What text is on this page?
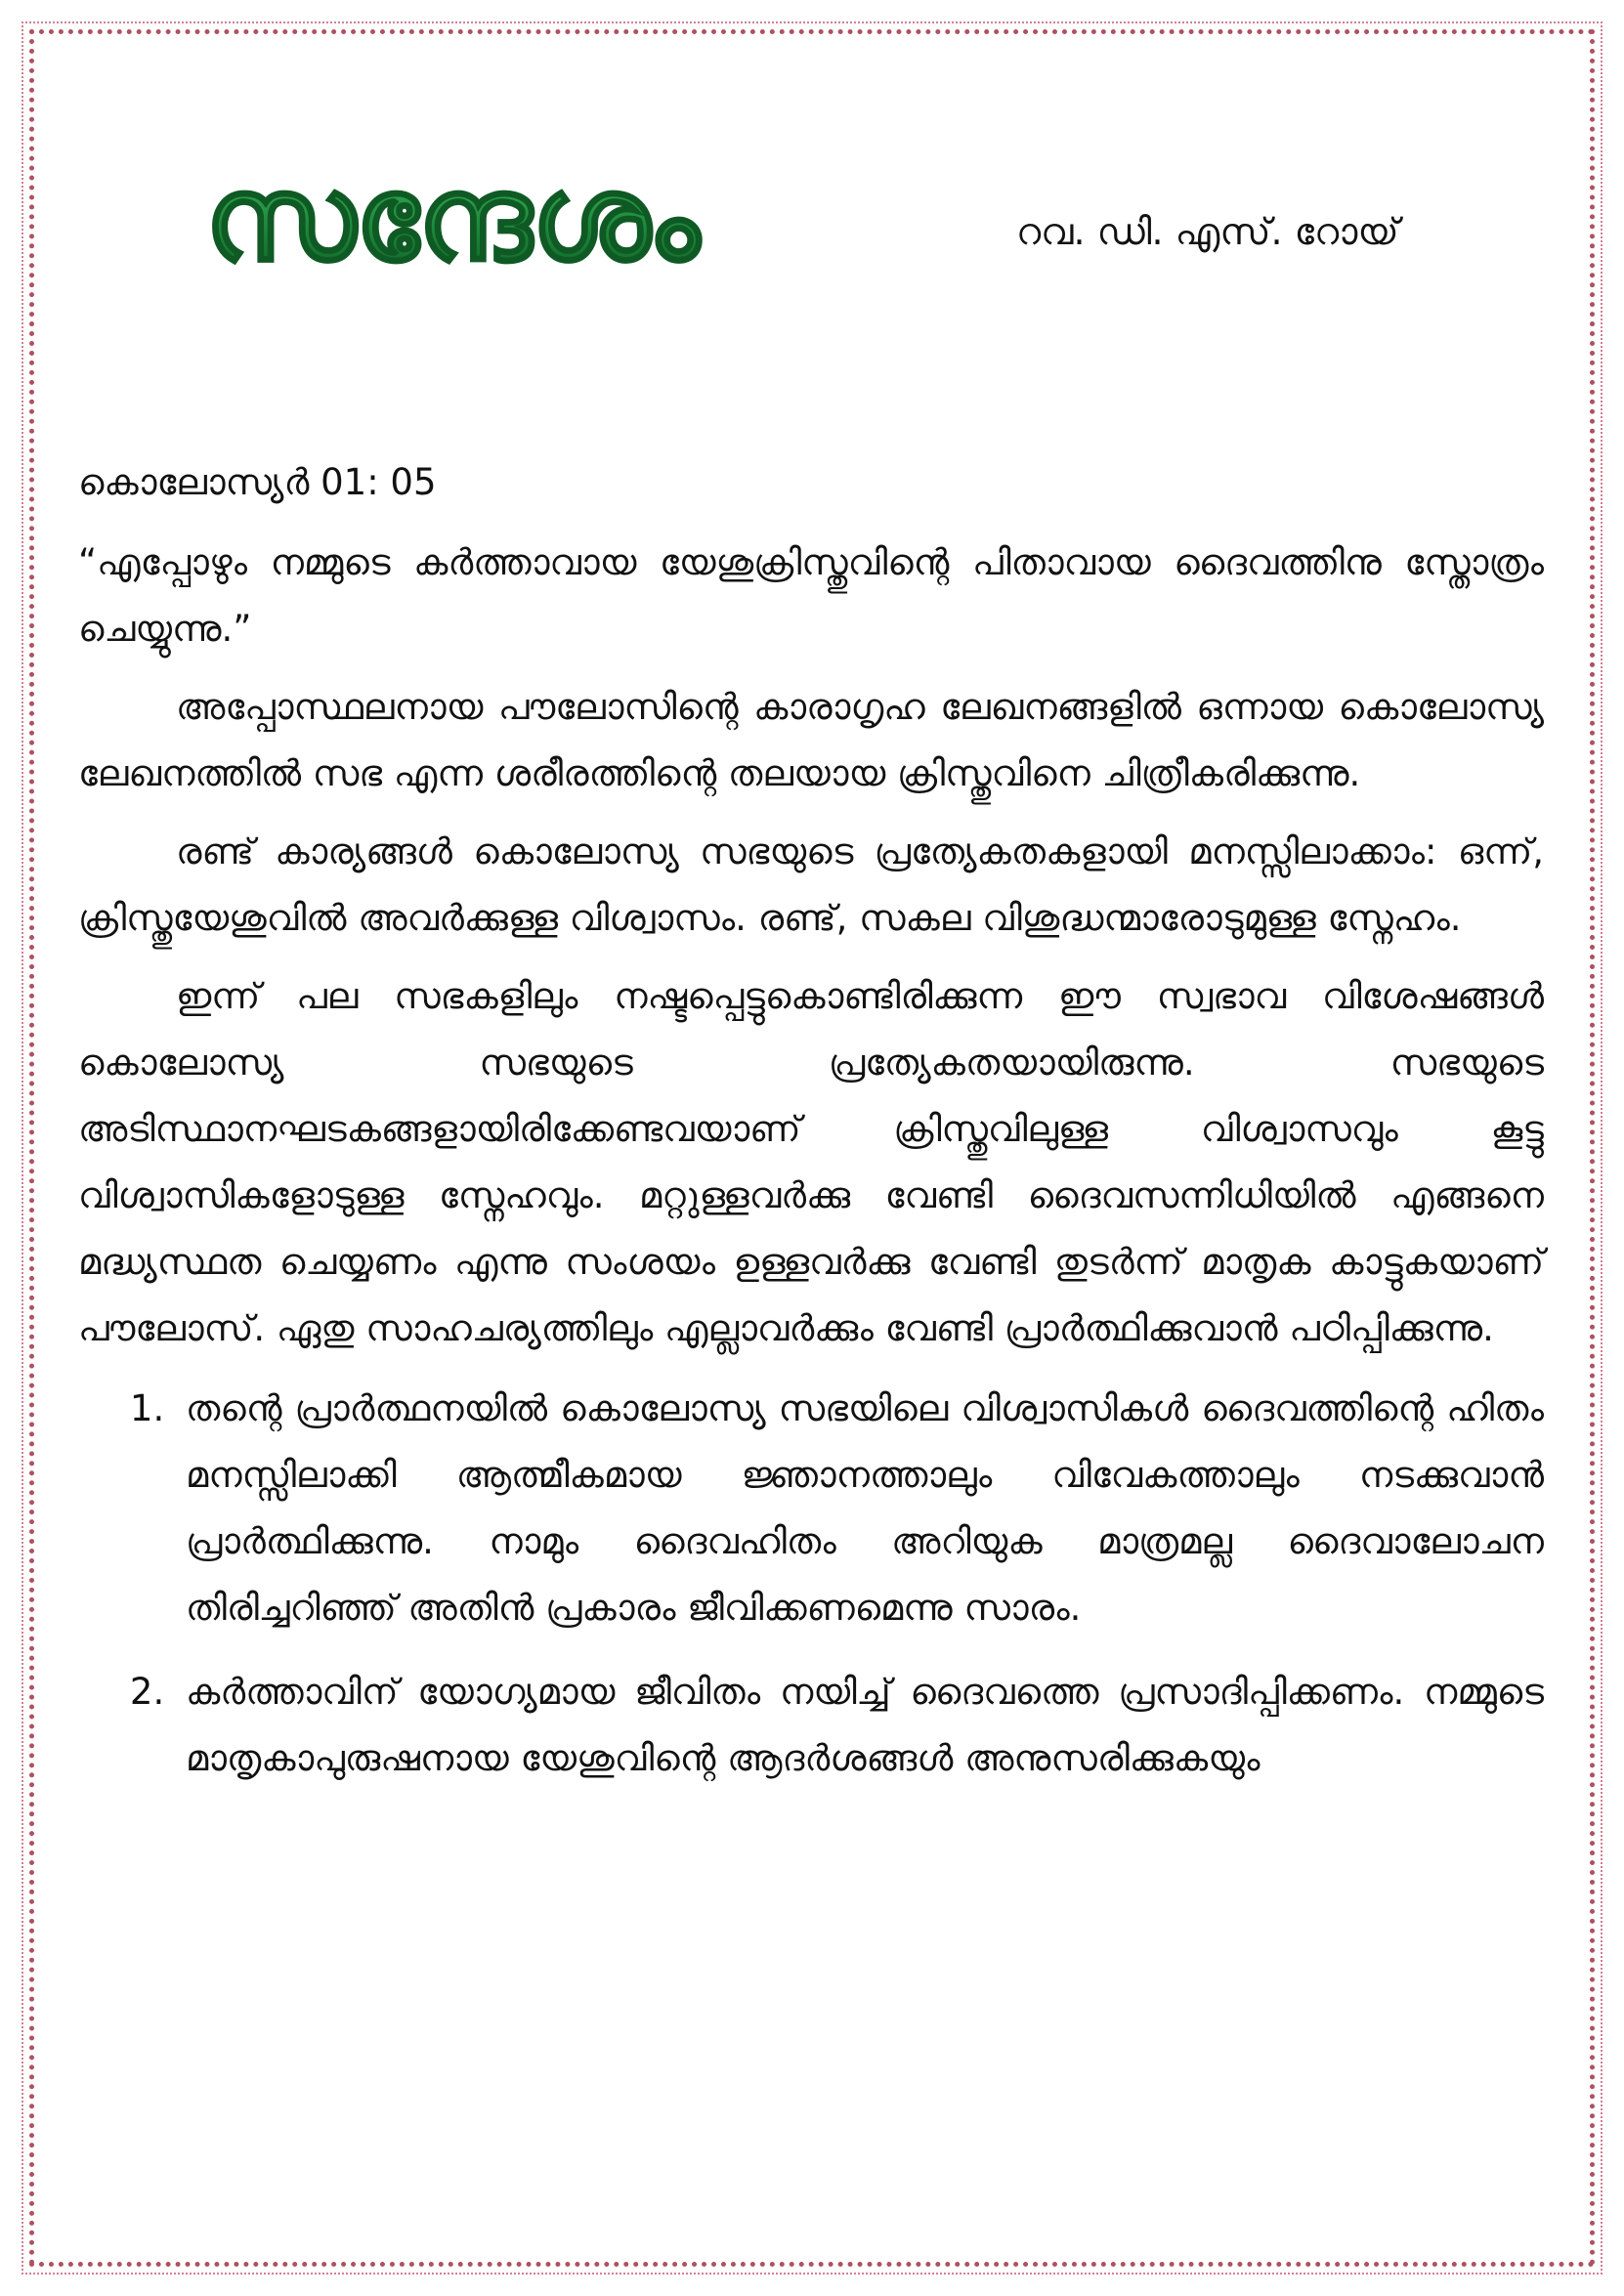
സന്ദേശം	റവ. ഡി. എസ്. റോയ്
കൊലോസ്യർ 01: 05
“എപ്പോഴും നമ്മുടെ കർത്താവായ യേശുക്രിസ്തുവിന്റെ പിതാവായ ദൈവത്തിനു സ്തോത്രം ചെയ്യുന്നു.”
അപ്പോസ്ഥലനായ പൗലോസിന്റെ കാരാഗൃഹ ലേഖനങ്ങളിൽ ഒന്നായ കൊലോസ്യ ലേഖനത്തിൽ സഭ എന്ന ശരീരത്തിന്റെ തലയായ ക്രിസ്തുവിനെ ചിത്രീകരിക്കുന്നു.
രണ്ട് കാര്യങ്ങൾ കൊലോസ്യ സഭയുടെ പ്രത്യേകതകളായി മനസ്സിലാക്കാം: ഒന്ന്, ക്രിസ്തുയേശുവിൽ അവർക്കുള്ള വിശ്വാസം. രണ്ട്, സകല വിശുദ്ധന്മാരോടുമുള്ള സ്നേഹം.
ഇന്ന് പല സഭകളിലും നഷ്ടപ്പെട്ടുകൊണ്ടിരിക്കുന്ന ഈ സ്വഭാവ വിശേഷങ്ങൾ കൊലോസ്യ സഭയുടെ പ്രത്യേകതയായിരുന്നു. സഭയുടെ അടിസ്ഥാനഘടകങ്ങളായിരിക്കേണ്ടവയാണ് ക്രിസ്തുവിലുള്ള വിശ്വാസവും കൂട്ടു വിശ്വാസികളോടുള്ള സ്നേഹവും. മറ്റുള്ളവർക്കു വേണ്ടി ദൈവസന്നിധിയിൽ എങ്ങനെ മദ്ധ്യസ്ഥത ചെയ്യണം എന്നു സംശയം ഉള്ളവർക്കു വേണ്ടി തുടർന്ന് മാതൃക കാട്ടുകയാണ് പൗലോസ്. ഏതു സാഹചര്യത്തിലും എല്ലാവർക്കും വേണ്ടി പ്രാർത്ഥിക്കുവാൻ പഠിപ്പിക്കുന്നു.
1. തന്റെ പ്രാർത്ഥനയിൽ കൊലോസ്യ സഭയിലെ വിശ്വാസികൾ ദൈവത്തിന്റെ ഹിതം മനസ്സിലാക്കി ആത്മീകമായ ജ്ഞാനത്താലും വിവേകത്താലും നടക്കുവാൻ പ്രാർത്ഥിക്കുന്നു. നാമും ദൈവഹിതം അറിയുക മാത്രമല്ല ദൈവാലോചന തിരിച്ചറിഞ്ഞ് അതിൻ പ്രകാരം ജീവിക്കണമെന്നു സാരം.
2. കർത്താവിന് യോഗ്യമായ ജീവിതം നയിച്ച് ദൈവത്തെ പ്രസാദിപ്പിക്കണം. നമ്മുടെ മാതൃകാപുരുഷനായ യേശുവിന്റെ ആദർശങ്ങൾ അനുസരിക്കുകയും
